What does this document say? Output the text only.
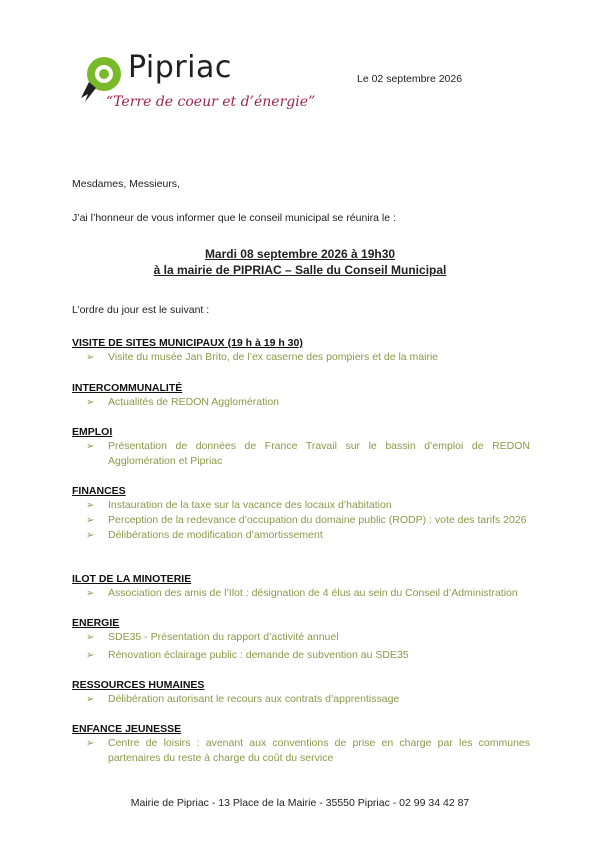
Pipriac
“Terre de coeur et d’énergie”
Le 02 septembre 2026
Mesdames, Messieurs,
J’ai l’honneur de vous informer que le conseil municipal se réunira le :
Mardi 08 septembre 2026 à 19h30
à la mairie de PIPRIAC – Salle du Conseil Municipal
L’ordre du jour est le suivant :
VISITE DE SITES MUNICIPAUX (19 h à 19 h 30)
➢ Visite du musée Jan Brito, de l’ex caserne des pompiers et de la mairie
INTERCOMMUNALITÉ
➢ Actualités de REDON Agglomération
EMPLOI
➢ Présentation de données de France Travail sur le bassin d’emploi de REDON Agglomération et Pipriac
FINANCES
➢ Instauration de la taxe sur la vacance des locaux d’habitation
➢ Perception de la redevance d’occupation du domaine public (RODP) : vote des tarifs 2026
➢ Délibérations de modification d’amortissement
ILOT DE LA MINOTERIE
➢ Association des amis de l’Ilot : désignation de 4 élus au sein du Conseil d’Administration
ENERGIE
➢ SDE35 - Présentation du rapport d’activité annuel
➢ Rénovation éclairage public : demande de subvention au SDE35
RESSOURCES HUMAINES
➢ Délibération autorisant le recours aux contrats d’apprentissage
ENFANCE JEUNESSE
➢ Centre de loisirs : avenant aux conventions de prise en charge par les communes partenaires du reste à charge du coût du service
Mairie de Pipriac - 13 Place de la Mairie - 35550 Pipriac - 02 99 34 42 87
